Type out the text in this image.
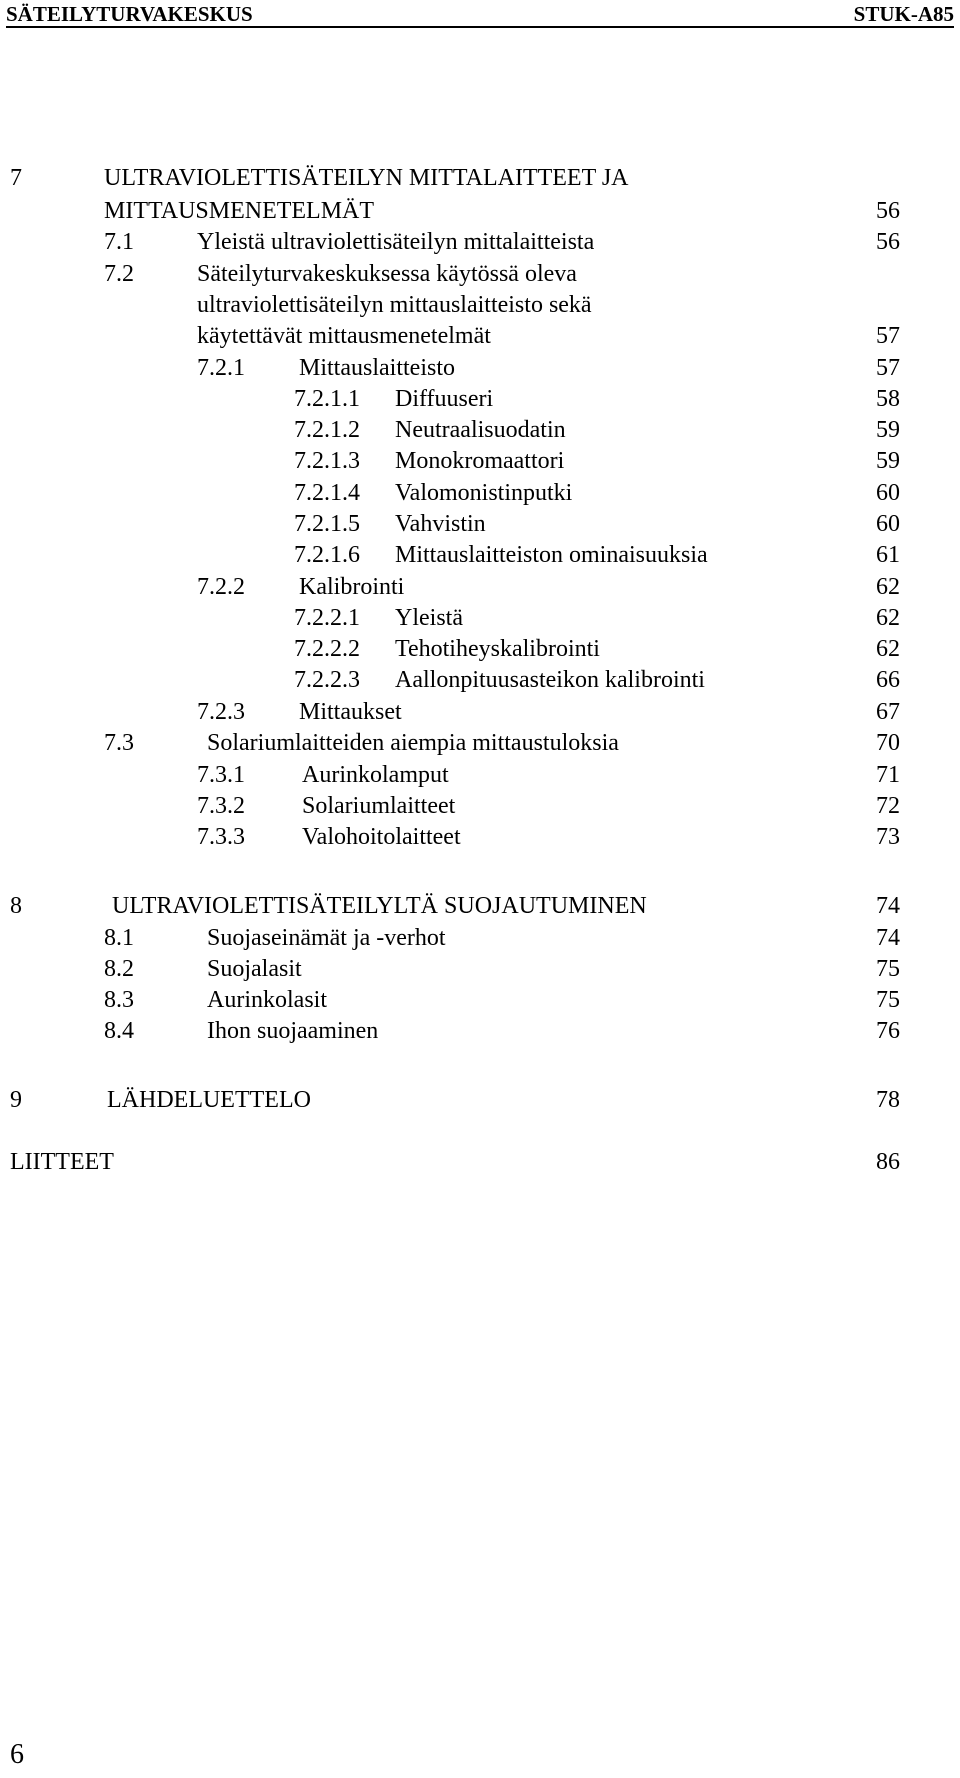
SÄTEILYTURVAKESKUS	STUK-A85
7	ULTRAVIOLETTISÄTEILYN MITTALAITTEET JA
MITTAUSMENETELMÄT	56
7.1	Yleistä ultraviolettisäteilyn mittalaitteista	56
7.2	Säteilyturvakeskuksessa käytössä oleva
ultraviolettisäteilyn mittauslaitteisto sekä
käytettävät mittausmenetelmät	57
7.2.1 Mittauslaitteisto	57
7.2.1.1 Diffuuseri	58
7.2.1.2 Neutraalisuodatin	59
7.2.1.3 Monokromaattori	59
7.2.1.4 Valomonistinputki	60
7.2.1.5 Vahvistin	60
7.2.1.6 Mittauslaitteiston ominaisuuksia	61
7.2.2 Kalibrointi	62
7.2.2.1 Yleistä	62
7.2.2.2 Tehotiheyskalibrointi	62
7.2.2.3 Aallonpituusasteikon kalibrointi	66
7.2.3 Mittaukset	67
7.3	Solariumlaitteiden aiempia mittaustuloksia	70
7.3.1 Aurinkolamput	71
7.3.2 Solariumlaitteet	72
7.3.3 Valohoitolaitteet	73
8	ULTRAVIOLETTISÄTEILYLTÄ SUOJAUTUMINEN	74
8.1	Suojaseinämät ja -verhot	74
8.2	Suojalasit	75
8.3	Aurinkolasit	75
8.4	Ihon suojaaminen	76
9	LÄHDELUETTELO	78
LIITTEET	86
6
